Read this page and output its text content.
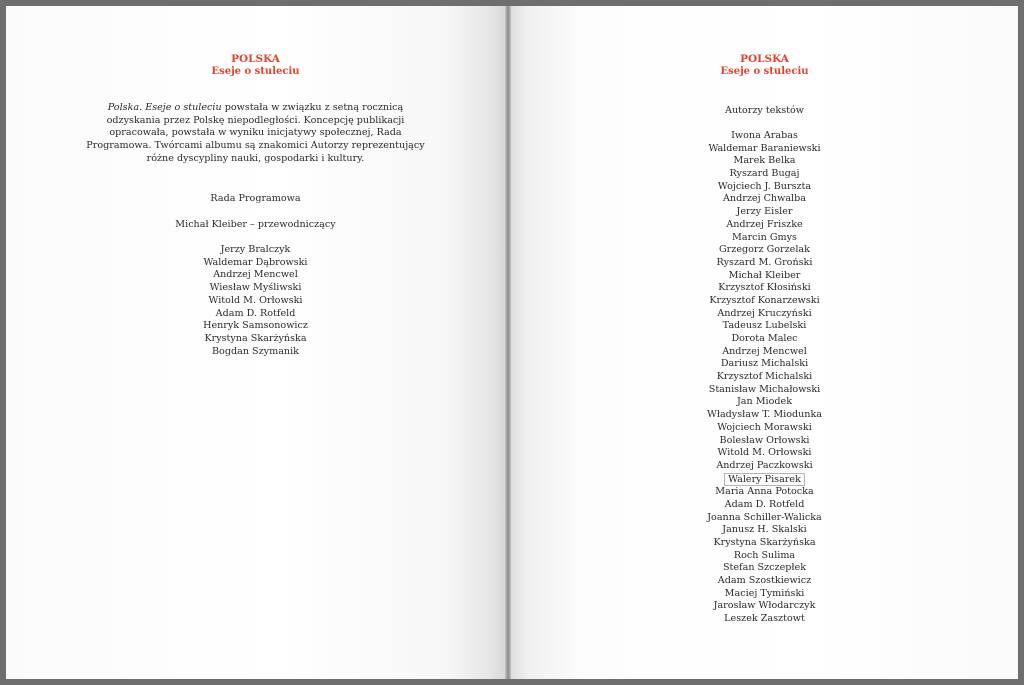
POLSKA

Eseje o stuleciu

Polska. Eseje o stuleciu powstała w związku z setną rocznicą odzyskania przez Polskę niepodległości. Koncepcję publikacji opracowała, powstała w wyniku inicjatywy społecznej, Rada Programowa. Twórcami albumu są znakomici Autorzy reprezentujący różne dyscypliny nauki, gospodarki i kultury.

Rada Programowa

Michał Kleiber – przewodniczący

Jerzy Bralczyk
Waldemar Dąbrowski
Andrzej Mencwel
Wiesław Myśliwski
Witold M. Orłowski
Adam D. Rotfeld
Henryk Samsonowicz
Krystyna Skarżyńska
Bogdan Szymanik

POLSKA

Eseje o stuleciu

Autorzy tekstów

Iwona Arabas
Waldemar Baraniewski
Marek Belka
Ryszard Bugaj
Wojciech J. Burszta
Andrzej Chwalba
Jerzy Eisler
Andrzej Friszke
Marcin Gmys
Grzegorz Gorzelak
Ryszard M. Groński
Michał Kleiber
Krzysztof Kłosiński
Krzysztof Konarzewski
Andrzej Kruczyński
Tadeusz Lubelski
Dorota Malec
Andrzej Mencwel
Dariusz Michalski
Krzysztof Michalski
Stanisław Michałowski
Jan Miodek
Władysław T. Miodunka
Wojciech Morawski
Bolesław Orłowski
Witold M. Orłowski
Andrzej Paczkowski
Walery Pisarek
Maria Anna Potocka
Adam D. Rotfeld
Joanna Schiller-Walicka
Janusz H. Skalski
Krystyna Skarżyńska
Roch Sulima
Stefan Szczepłek
Adam Szostkiewicz
Maciej Tymiński
Jarosław Włodarczyk
Leszek Zasztowt
